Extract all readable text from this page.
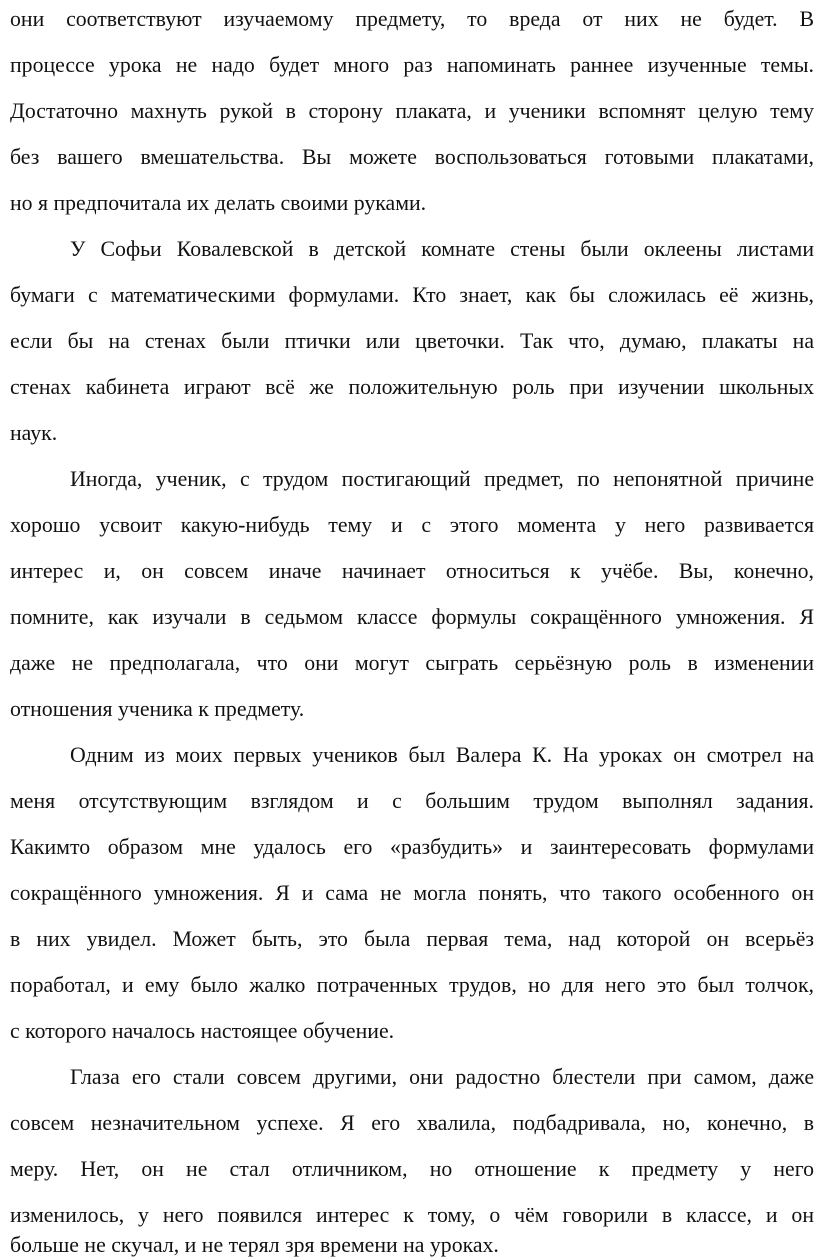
они соответствуют изучаемому предмету, то вреда от них не будет. В
процессе урока не надо будет много раз напоминать раннее изученные темы.
Достаточно махнуть рукой в сторону плаката, и ученики вспомнят целую тему
без вашего вмешательства. Вы можете воспользоваться готовыми плакатами,
но я предпочитала их делать своими руками.
У Софьи Ковалевской в детской комнате стены были оклеены листами
бумаги с математическими формулами. Кто знает, как бы сложилась её жизнь,
если бы на стенах были птички или цветочки. Так что, думаю, плакаты на
стенах кабинета играют всё же положительную роль при изучении школьных
наук.
Иногда, ученик, с трудом постигающий предмет, по непонятной причине
хорошо усвоит какую-нибудь тему и с этого момента у него развивается
интерес и, он совсем иначе начинает относиться к учёбе. Вы, конечно,
помните, как изучали в седьмом классе формулы сокращённого умножения. Я
даже не предполагала, что они могут сыграть серьёзную роль в изменении
отношения ученика к предмету.
Одним из моих первых учеников был Валера К. На уроках он смотрел на
меня отсутствующим взглядом и с большим трудом выполнял задания.
Какимто образом мне удалось его «разбудить» и заинтересовать формулами
сокращённого умножения. Я и сама не могла понять, что такого особенного он
в них увидел. Может быть, это была первая тема, над которой он всерьёз
поработал, и ему было жалко потраченных трудов, но для него это был толчок,
с которого началось настоящее обучение.
Глаза его стали совсем другими, они радостно блестели при самом, даже
совсем незначительном успехе. Я его хвалила, подбадривала, но, конечно, в
меру. Нет, он не стал отличником, но отношение к предмету у него
изменилось, у него появился интерес к тому, о чём говорили в классе, и он
больше не скучал, и не терял зря времени на уроках.
